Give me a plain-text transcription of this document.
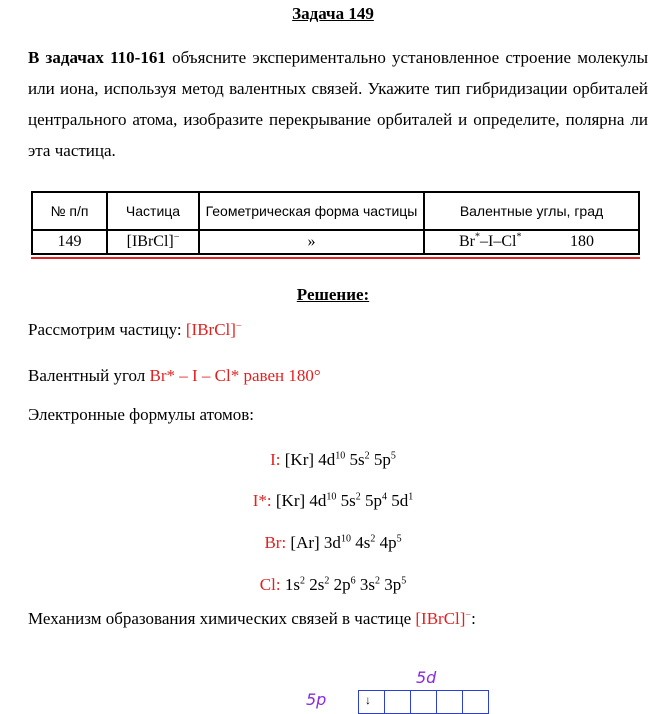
Задача 149
В задачах 110-161 объясните экспериментально установленное строение молекулы или иона, используя метод валентных связей. Укажите тип гибридизации орбиталей центрального атома, изобразите перекрывание орбиталей и определите, полярна ли эта частица.
№ п/п	Частица	Геометрическая форма частицы	Валентные углы, град
149	[IBrCl]−	»	Br*–I–Cl* 180
Решение:
Рассмотрим частицу: [IBrCl]−
Валентный угол Br* – I – Cl* равен 180°
Электронные формулы атомов:
I: [Kr] $4d^{10}$ $5s^2$ $5p^5$
I*: [Kr] $4d^{10}$ $5s^2$ $5p^4$ $5d^1$
Br: [Ar] $3d^{10}$ $4s^2$ $4p^5$
Cl: $1s^2$ $2s^2$ $2p^6$ $3s^2$ $3p^5$
Механизм образования химических связей в частице [IBrCl]−:
5d
5p	↓
